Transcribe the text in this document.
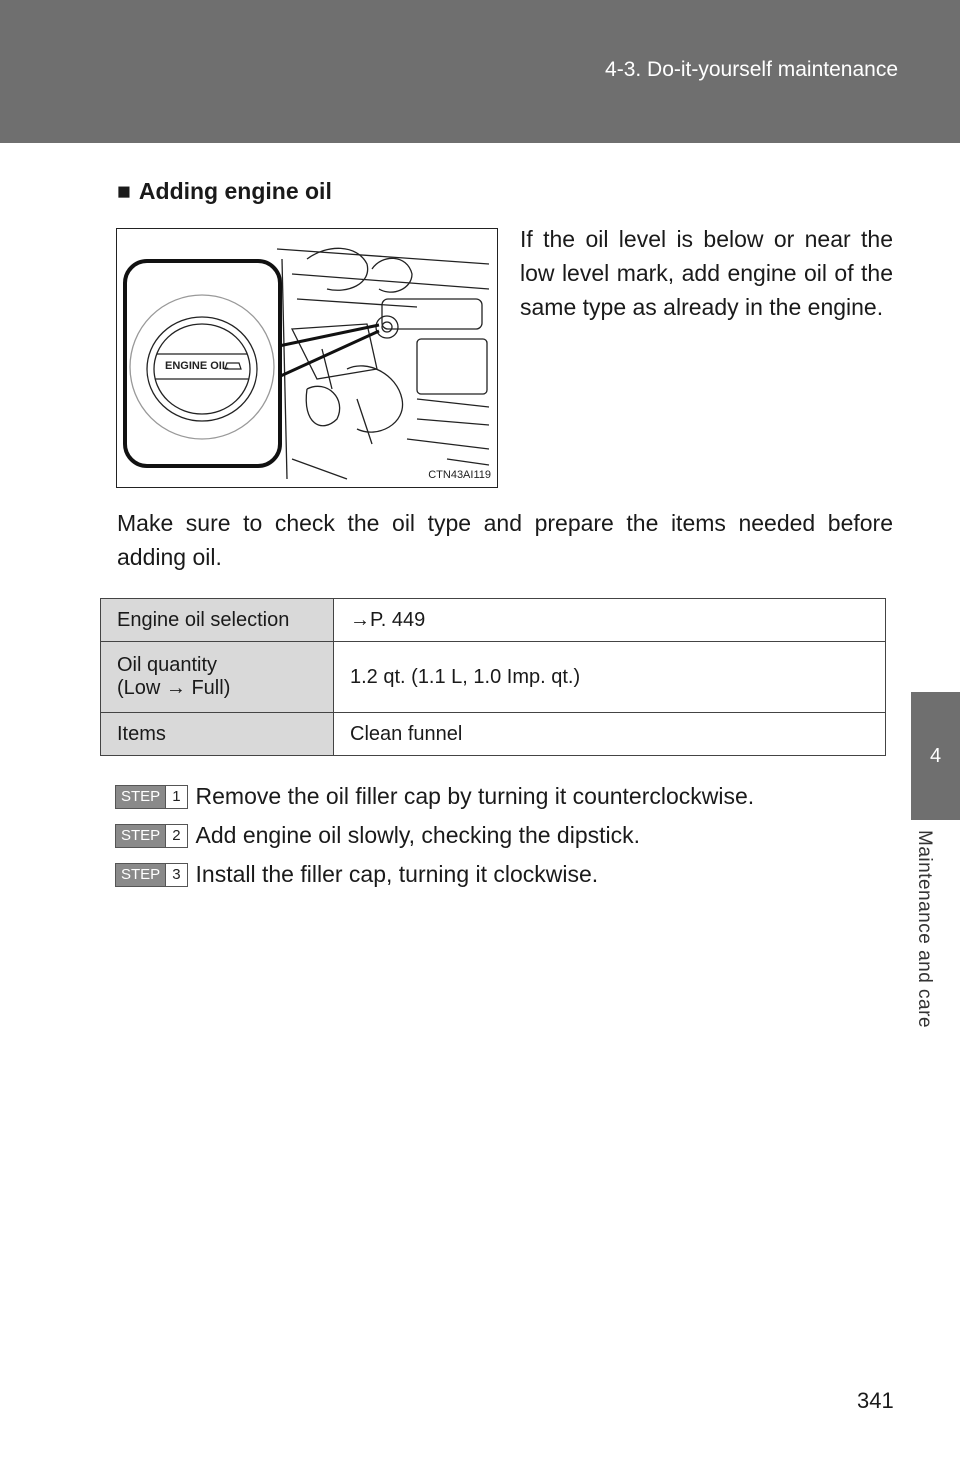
4-3. Do-it-yourself maintenance
4
Maintenance and care
■ Adding engine oil
ENGINE OIL
CTN43AI119
If the oil level is below or near the low level mark, add engine oil of the same type as already in the engine.
Make sure to check the oil type and prepare the items needed before adding oil.
Engine oil selection	→P. 449

Oil quantity
(Low → Full)	1.2 qt. (1.1 L, 1.0 Imp. qt.)
Items	Clean funnel
STEP 1 Remove the oil filler cap by turning it counterclockwise.
STEP 2 Add engine oil slowly, checking the dipstick.
STEP 3 Install the filler cap, turning it clockwise.
341
